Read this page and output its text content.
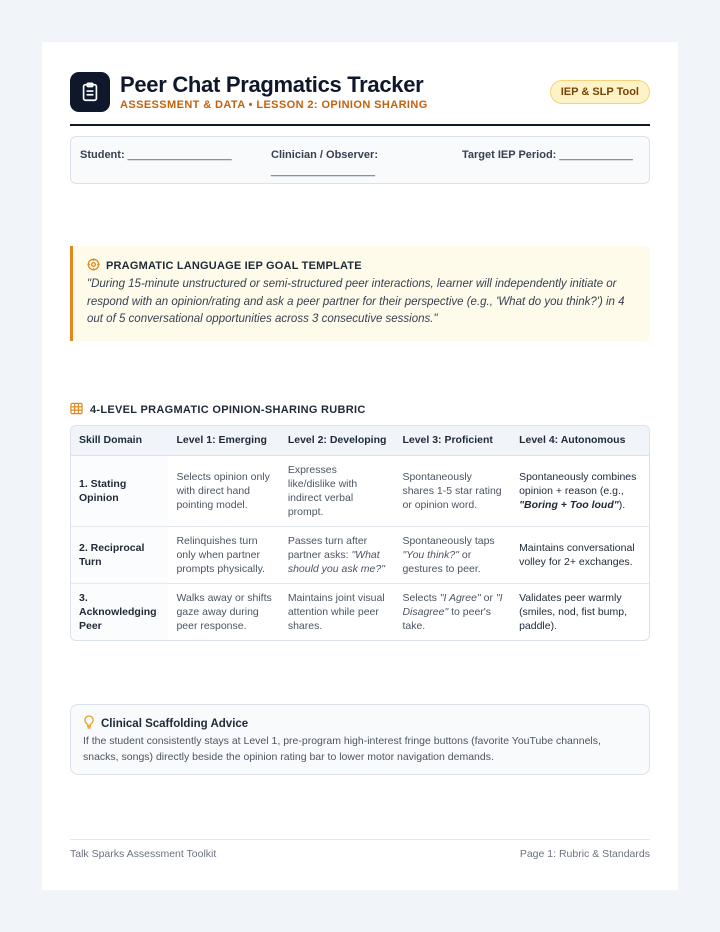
Peer Chat Pragmatics Tracker
ASSESSMENT & DATA • LESSON 2: OPINION SHARING
IEP & SLP Tool
Student: _________________	Clinician / Observer:
_________________
Target IEP Period: ____________
PRAGMATIC LANGUAGE IEP GOAL TEMPLATE
"During 15-minute unstructured or semi-structured peer interactions, learner will independently initiate or respond with an opinion/rating and ask a peer partner for their perspective (e.g., 'What do you think?') in 4 out of 5 conversational opportunities across 3 consecutive sessions."
4-LEVEL PRAGMATIC OPINION-SHARING RUBRIC
Skill Domain	Level 1: Emerging	Level 2: Developing	Level 3: Proficient	Level 4: Autonomous
1. Stating Opinion	Selects opinion only with direct hand pointing model.	Expresses like/dislike with indirect verbal prompt.	Spontaneously shares 1-5 star rating or opinion word.	Spontaneously combines opinion + reason (e.g., "Boring + Too loud").
2. Reciprocal Turn	Relinquishes turn only when partner prompts physically.	Passes turn after partner asks: "What should you ask me?"	Spontaneously taps "You think?" or gestures to peer.	Maintains conversational volley for 2+ exchanges.
3. Acknowledging Peer	Walks away or shifts gaze away during peer response.	Maintains joint visual attention while peer shares.	Selects "I Agree" or "I Disagree" to peer's take.	Validates peer warmly (smiles, nod, fist bump, paddle).
Clinical Scaffolding Advice
If the student consistently stays at Level 1, pre-program high-interest fringe buttons (favorite YouTube channels, snacks, songs) directly beside the opinion rating bar to lower motor navigation demands.
Talk Sparks Assessment Toolkit	Page 1: Rubric & Standards
